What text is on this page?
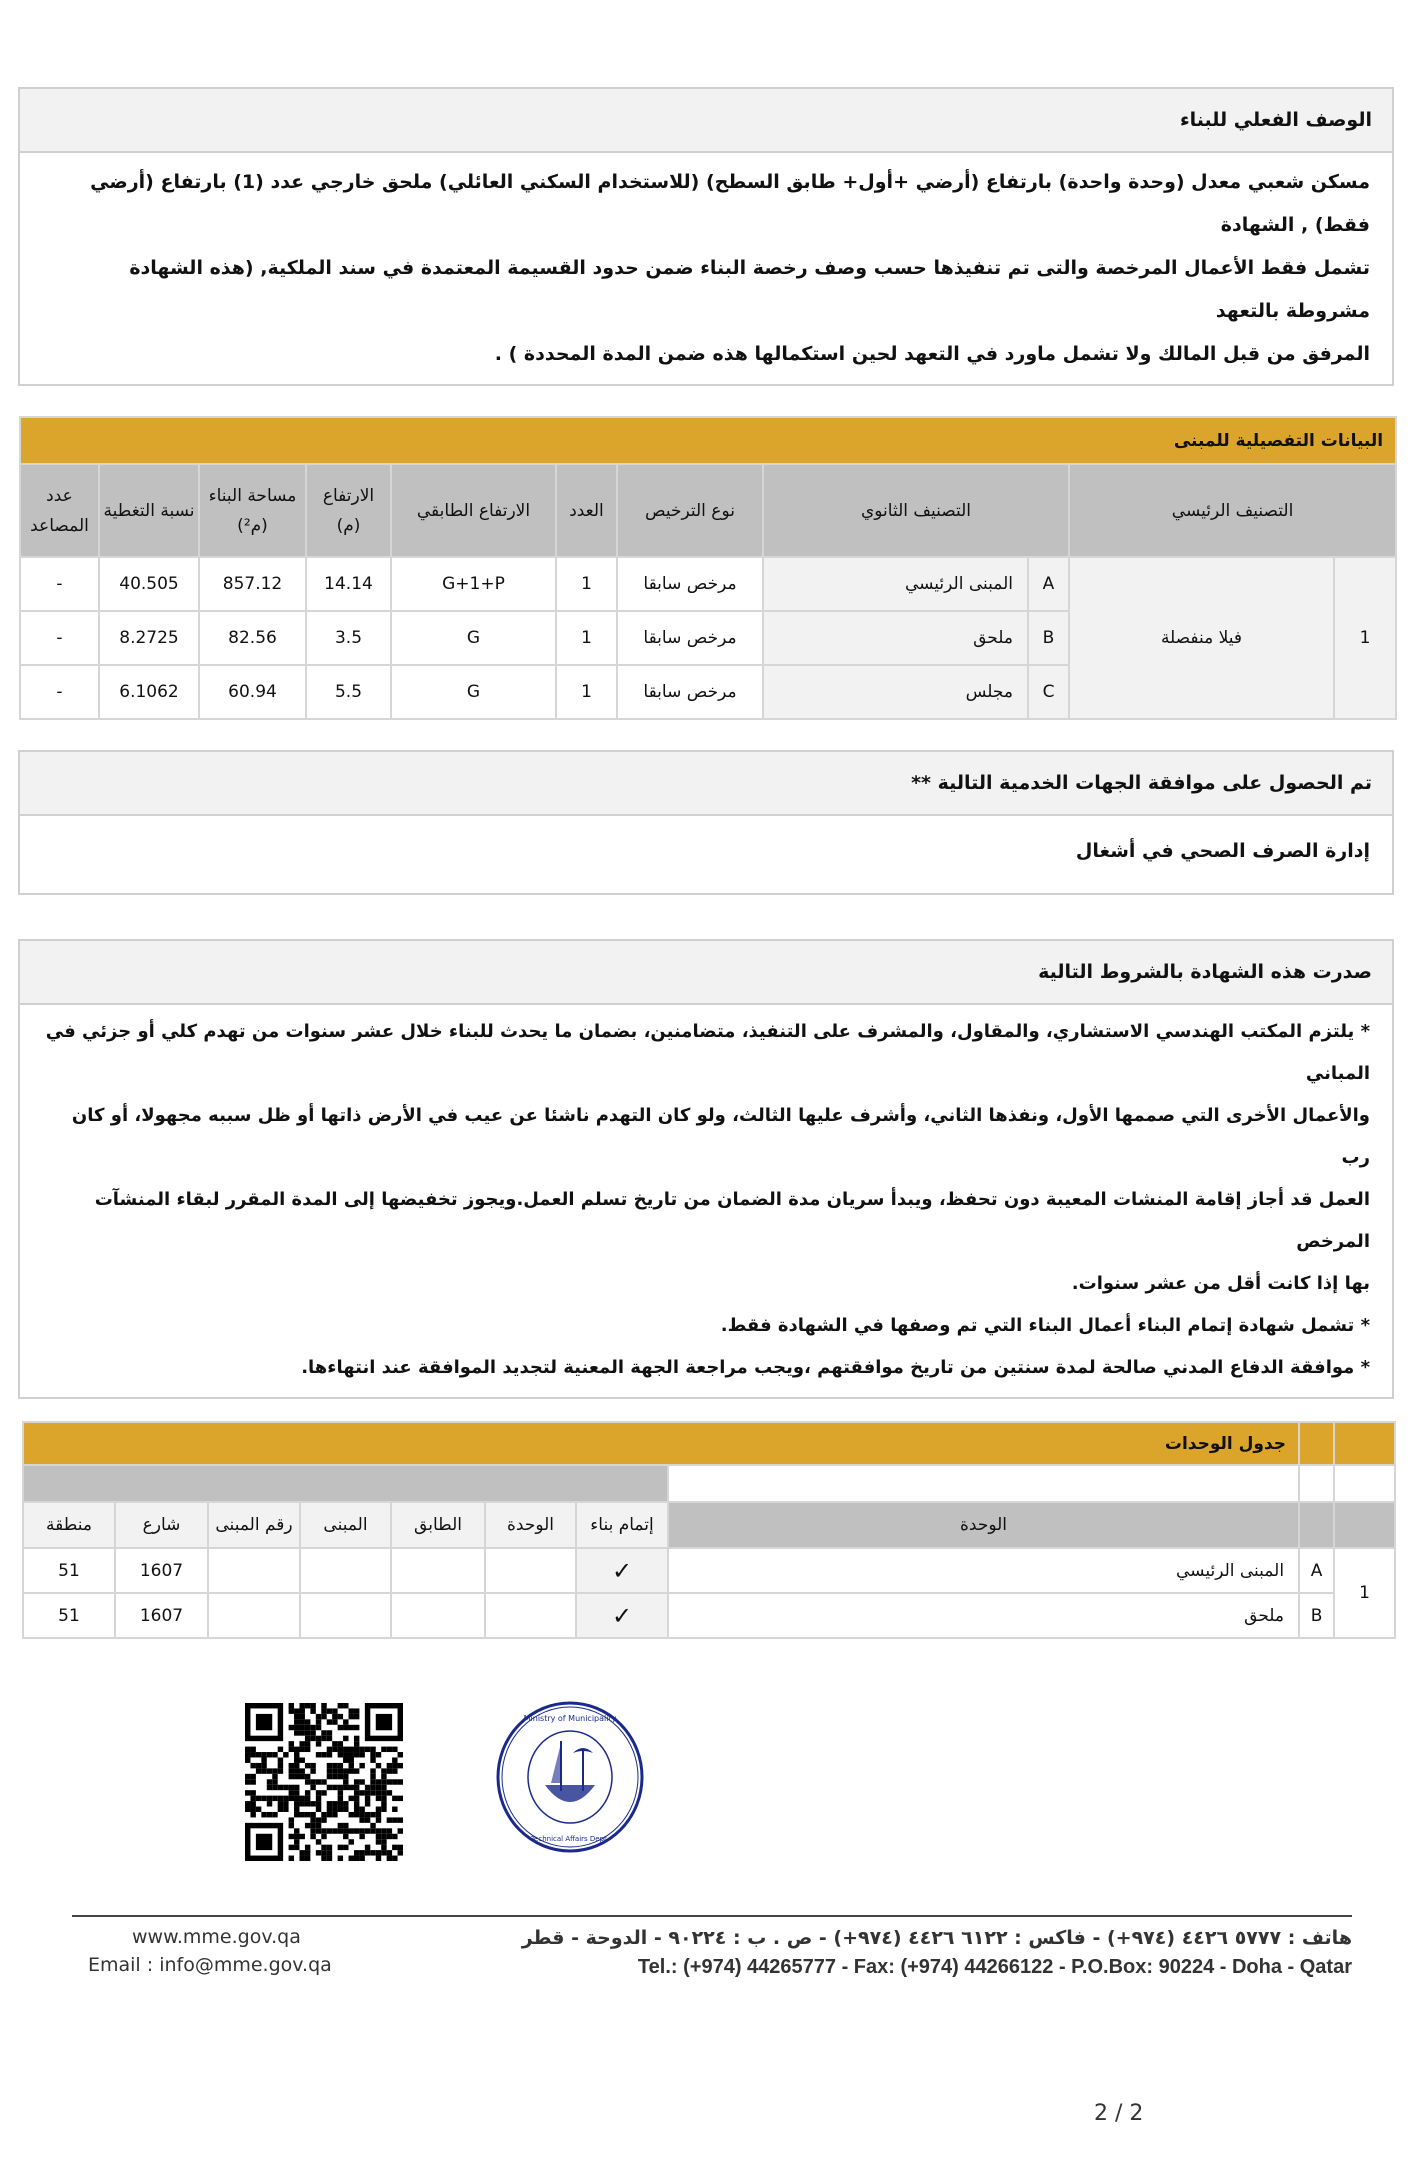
الوصف الفعلي للبناء
مسكن شعبي معدل (وحدة واحدة) بارتفاع (أرضي +أول+ طابق السطح) (للاستخدام السكني العائلي) ملحق خارجي عدد (1) بارتفاع (أرضي فقط) , الشهادة
تشمل فقط الأعمال المرخصة والتى تم تنفيذها حسب وصف رخصة البناء ضمن حدود القسيمة المعتمدة في سند الملكية, (هذه الشهادة مشروطة بالتعهد
المرفق من قبل المالك ولا تشمل ماورد في التعهد لحين استكمالها هذه ضمن المدة المحددة ) .
البيانات التفصيلية للمبنى										
عدد المصاعد	نسبة التغطية	مساحة البناء (م²)	الارتفاع (م)	الارتفاع الطابقي	العدد	نوع الترخيص	التصنيف الثانوي		التصنيف الرئيسي	
-	40.505	857.12	14.14	G+1+P	1	مرخص سابقا	المبنى الرئيسي	A	فيلا منفصلة	1
-	8.2725	82.56	3.5	G	1	مرخص سابقا	ملحق	B		
-	6.1062	60.94	5.5	G	1	مرخص سابقا	مجلس	C		
تم الحصول على موافقة الجهات الخدمية التالية **
إدارة الصرف الصحي في أشغال
صدرت هذه الشهادة بالشروط التالية
* يلتزم المكتب الهندسي الاستشاري، والمقاول، والمشرف على التنفيذ، متضامنين، بضمان ما يحدث للبناء خلال عشر سنوات من تهدم كلي أو جزئي في المباني
والأعمال الأخرى التي صممها الأول، ونفذها الثاني، وأشرف عليها الثالث، ولو كان التهدم ناشئا عن عيب في الأرض ذاتها أو ظل سببه مجهولا، أو كان رب
العمل قد أجاز إقامة المنشات المعيبة دون تحفظ، ويبدأ سريان مدة الضمان من تاريخ تسلم العمل.ويجوز تخفيضها إلى المدة المقرر لبقاء المنشآت المرخص
بها إذا كانت أقل من عشر سنوات.
* تشمل شهادة إتمام البناء أعمال البناء التي تم وصفها في الشهادة فقط.
* موافقة الدفاع المدني صالحة لمدة سنتين من تاريخ موافقتهم ،ويجب مراجعة الجهة المعنية لتجديد الموافقة عند انتهاءها.
جدول الوحدات									

منطقة	شارع	رقم المبنى	المبنى	الطابق	الوحدة	إتمام بناء	الوحدة		
51	1607					✓	المبنى الرئيسي	A	1
51	1607					✓	ملحق	B	
Ministry of Municipality
Technical Affairs Dept.
www.mme.gov.qa
Email : info@mme.gov.qa
هاتف : ٥٧٧٧ ٤٤٢٦ (٩٧٤+) - فاكس : ٦١٢٢ ٤٤٢٦ (٩٧٤+) - ص . ب : ٩٠٢٢٤ - الدوحة - قطر
Tel.: (+974) 44265777 - Fax: (+974) 44266122 - P.O.Box: 90224 - Doha - Qatar
2 / 2
